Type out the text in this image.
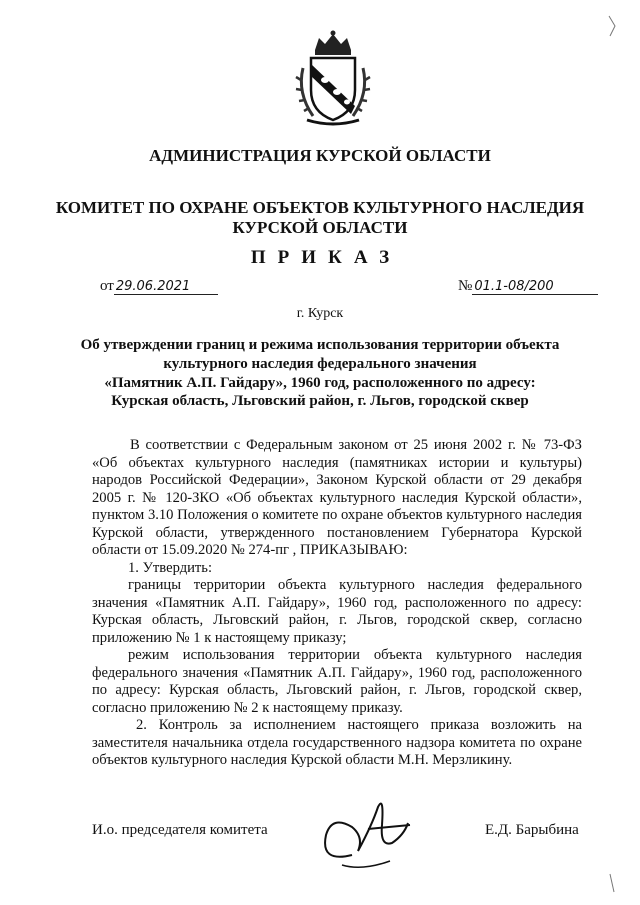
АДМИНИСТРАЦИЯ КУРСКОЙ ОБЛАСТИ
КОМИТЕТ ПО ОХРАНЕ ОБЪЕКТОВ КУЛЬТУРНОГО НАСЛЕДИЯ
КУРСКОЙ ОБЛАСТИ
ПРИКАЗ
от 29.06.2021	№ 01.1-08/200
г. Курск
Об утверждении границ и режима использования территории объекта
культурного наследия федерального значения
«Памятник А.П. Гайдару», 1960 год, расположенного по адресу:
Курская область, Льговский район, г. Льгов, городской сквер

В соответствии с Федеральным законом от 25 июня 2002 г. № 73-ФЗ «Об объектах культурного наследия (памятниках истории и культуры) народов Российской Федерации», Законом Курской области от 29 декабря 2005 г. № 120-ЗКО «Об объектах культурного наследия Курской области», пунктом 3.10 Положения о комитете по охране объектов культурного наследия Курской области, утвержденного постановлением Губернатора Курской области от 15.09.2020 № 274-пг , ПРИКАЗЫВАЮ:

1. Утвердить:

границы территории объекта культурного наследия федерального значения «Памятник А.П. Гайдару», 1960 год, расположенного по адресу: Курская область, Льговский район, г. Льгов, городской сквер, согласно приложению № 1 к настоящему приказу;

режим использования территории объекта культурного наследия федерального значения «Памятник А.П. Гайдару», 1960 год, расположенного по адресу: Курская область, Льговский район, г. Льгов, городской сквер, согласно приложению № 2 к настоящему приказу.

2. Контроль за исполнением настоящего приказа возложить на заместителя начальника отдела государственного надзора комитета по охране объектов культурного наследия Курской области М.Н. Мерзликину.

И.о. председателя комитета	Е.Д. Барыбина
